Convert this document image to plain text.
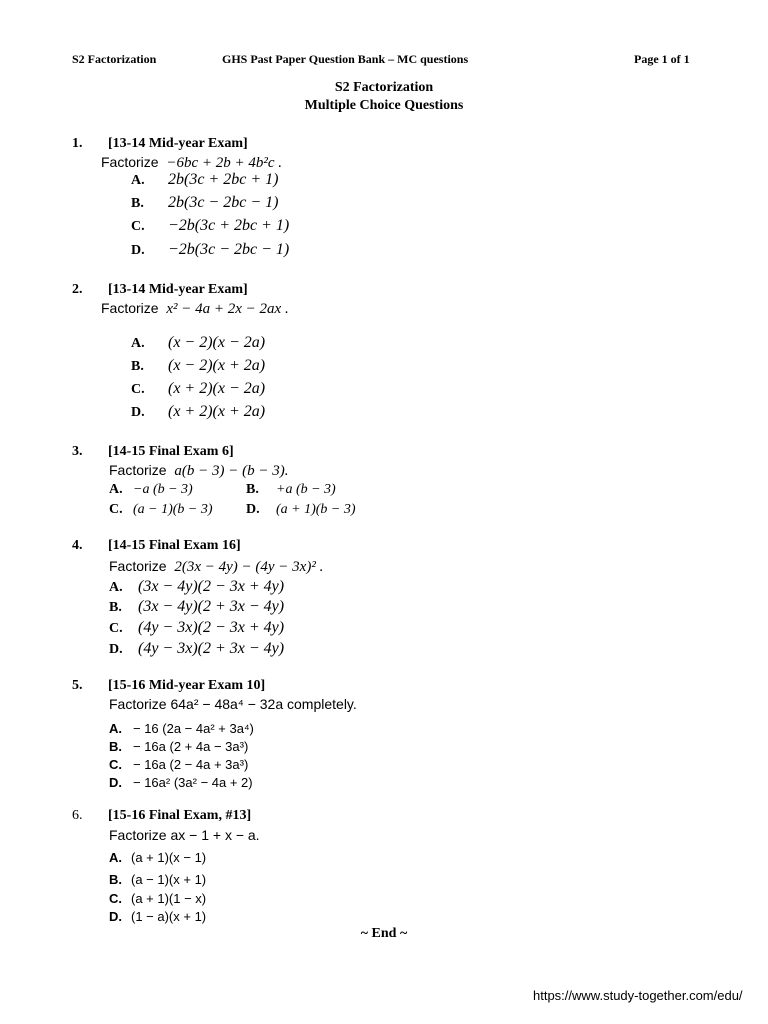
S2 Factorization	GHS Past Paper Question Bank – MC questions	Page 1 of 1
S2 Factorization
Multiple Choice Questions
1. [13-14 Mid-year Exam]
Factorize −6bc + 2b + 4b²c .
A. 2b(3c + 2bc + 1)
B. 2b(3c − 2bc − 1)
C. −2b(3c + 2bc + 1)
D. −2b(3c − 2bc − 1)
2. [13-14 Mid-year Exam]
Factorize x² − 4a + 2x − 2ax .
A. (x − 2)(x − 2a)
B. (x − 2)(x + 2a)
C. (x + 2)(x − 2a)
D. (x + 2)(x + 2a)
3. [14-15 Final Exam 6]
Factorize a(b − 3) − (b − 3).
A. −a (b − 3)	B. +a (b − 3)
C. (a − 1)(b − 3) D. (a + 1)(b − 3)
4. [14-15 Final Exam 16]
Factorize 2(3x − 4y) − (4y − 3x)² .
A. (3x − 4y)(2 − 3x + 4y)
B. (3x − 4y)(2 + 3x − 4y)
C. (4y − 3x)(2 − 3x + 4y)
D. (4y − 3x)(2 + 3x − 4y)
5. [15-16 Mid-year Exam 10]
Factorize 64a² − 48a⁴ − 32a completely.
A. − 16 (2a − 4a² + 3a⁴)
B. − 16a (2 + 4a − 3a³)
C. − 16a (2 − 4a + 3a³)
D. − 16a² (3a² − 4a + 2)
6. [15-16 Final Exam, #13]
Factorize ax − 1 + x − a.
A. (a + 1)(x − 1)
B. (a − 1)(x + 1)
C. (a + 1)(1 − x)
D. (1 − a)(x + 1)
~ End ~
https://www.study-together.com/edu/
